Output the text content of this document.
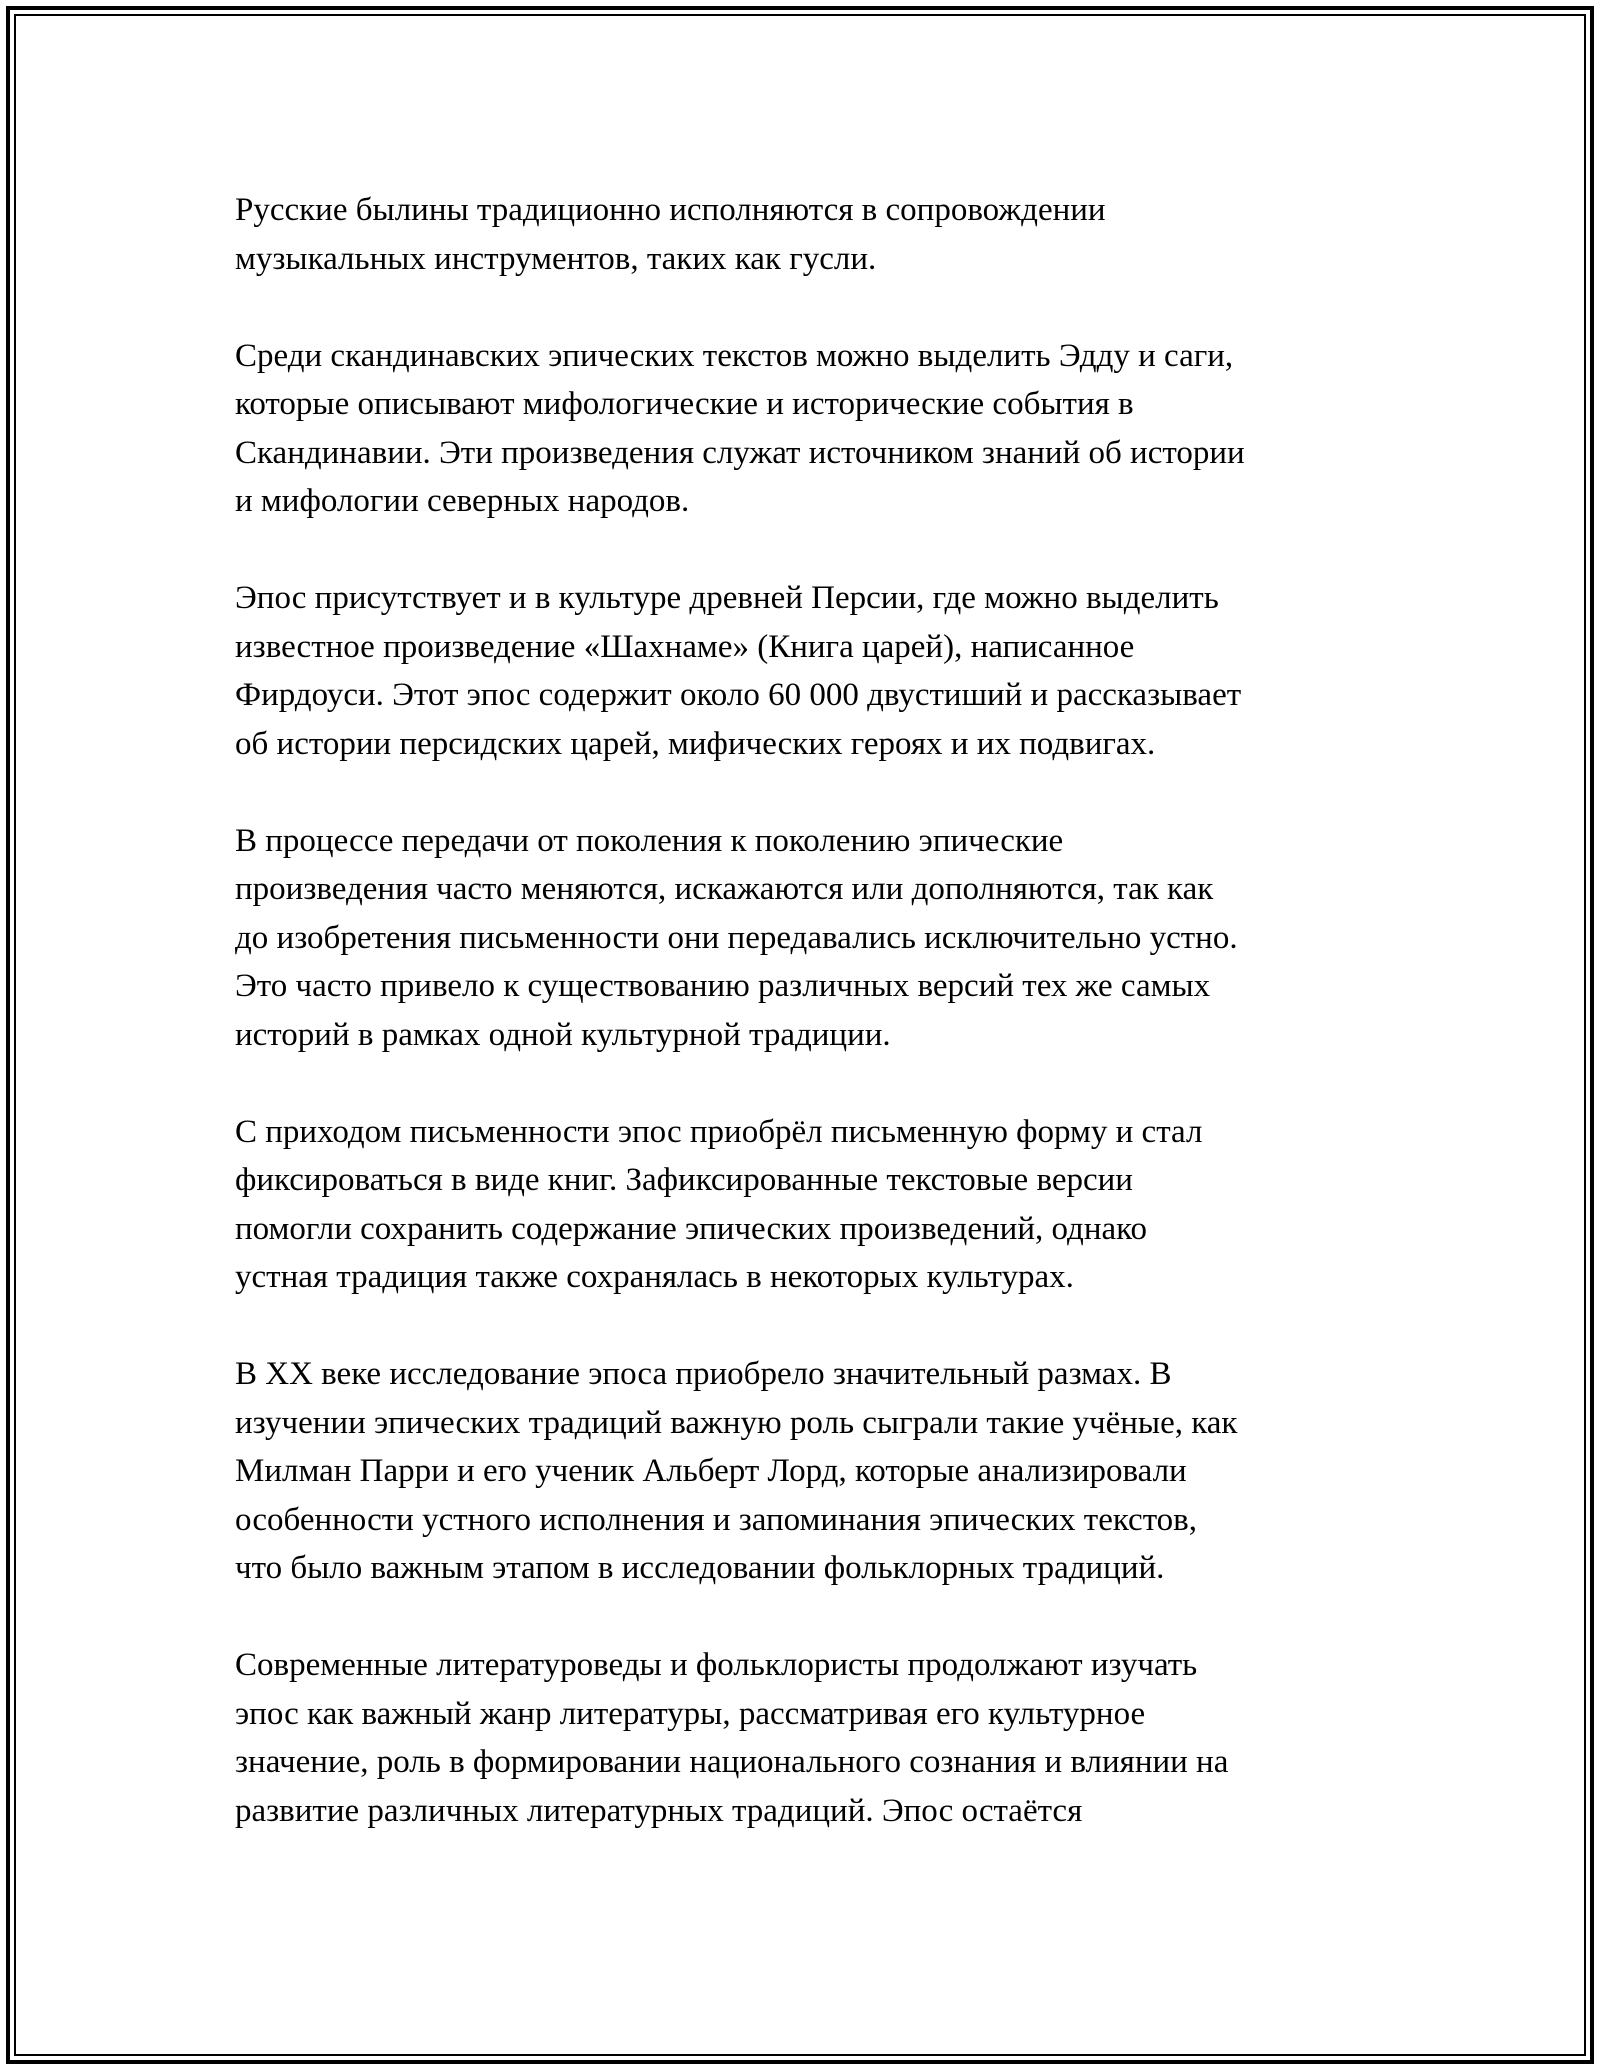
Русские былины традиционно исполняются в сопровождении
музыкальных инструментов, таких как гусли.

Среди скандинавских эпических текстов можно выделить Эдду и саги,
которые описывают мифологические и исторические события в
Скандинавии. Эти произведения служат источником знаний об истории
и мифологии северных народов.

Эпос присутствует и в культуре древней Персии, где можно выделить
известное произведение «Шахнаме» (Книга царей), написанное
Фирдоуси. Этот эпос содержит около 60 000 двустиший и рассказывает
об истории персидских царей, мифических героях и их подвигах.

В процессе передачи от поколения к поколению эпические
произведения часто меняются, искажаются или дополняются, так как
до изобретения письменности они передавались исключительно устно.
Это часто привело к существованию различных версий тех же самых
историй в рамках одной культурной традиции.

С приходом письменности эпос приобрёл письменную форму и стал
фиксироваться в виде книг. Зафиксированные текстовые версии
помогли сохранить содержание эпических произведений, однако
устная традиция также сохранялась в некоторых культурах.

В XX веке исследование эпоса приобрело значительный размах. В
изучении эпических традиций важную роль сыграли такие учёные, как
Милман Парри и его ученик Альберт Лорд, которые анализировали
особенности устного исполнения и запоминания эпических текстов,
что было важным этапом в исследовании фольклорных традиций.

Современные литературоведы и фольклористы продолжают изучать
эпос как важный жанр литературы, рассматривая его культурное
значение, роль в формировании национального сознания и влиянии на
развитие различных литературных традиций. Эпос остаётся
